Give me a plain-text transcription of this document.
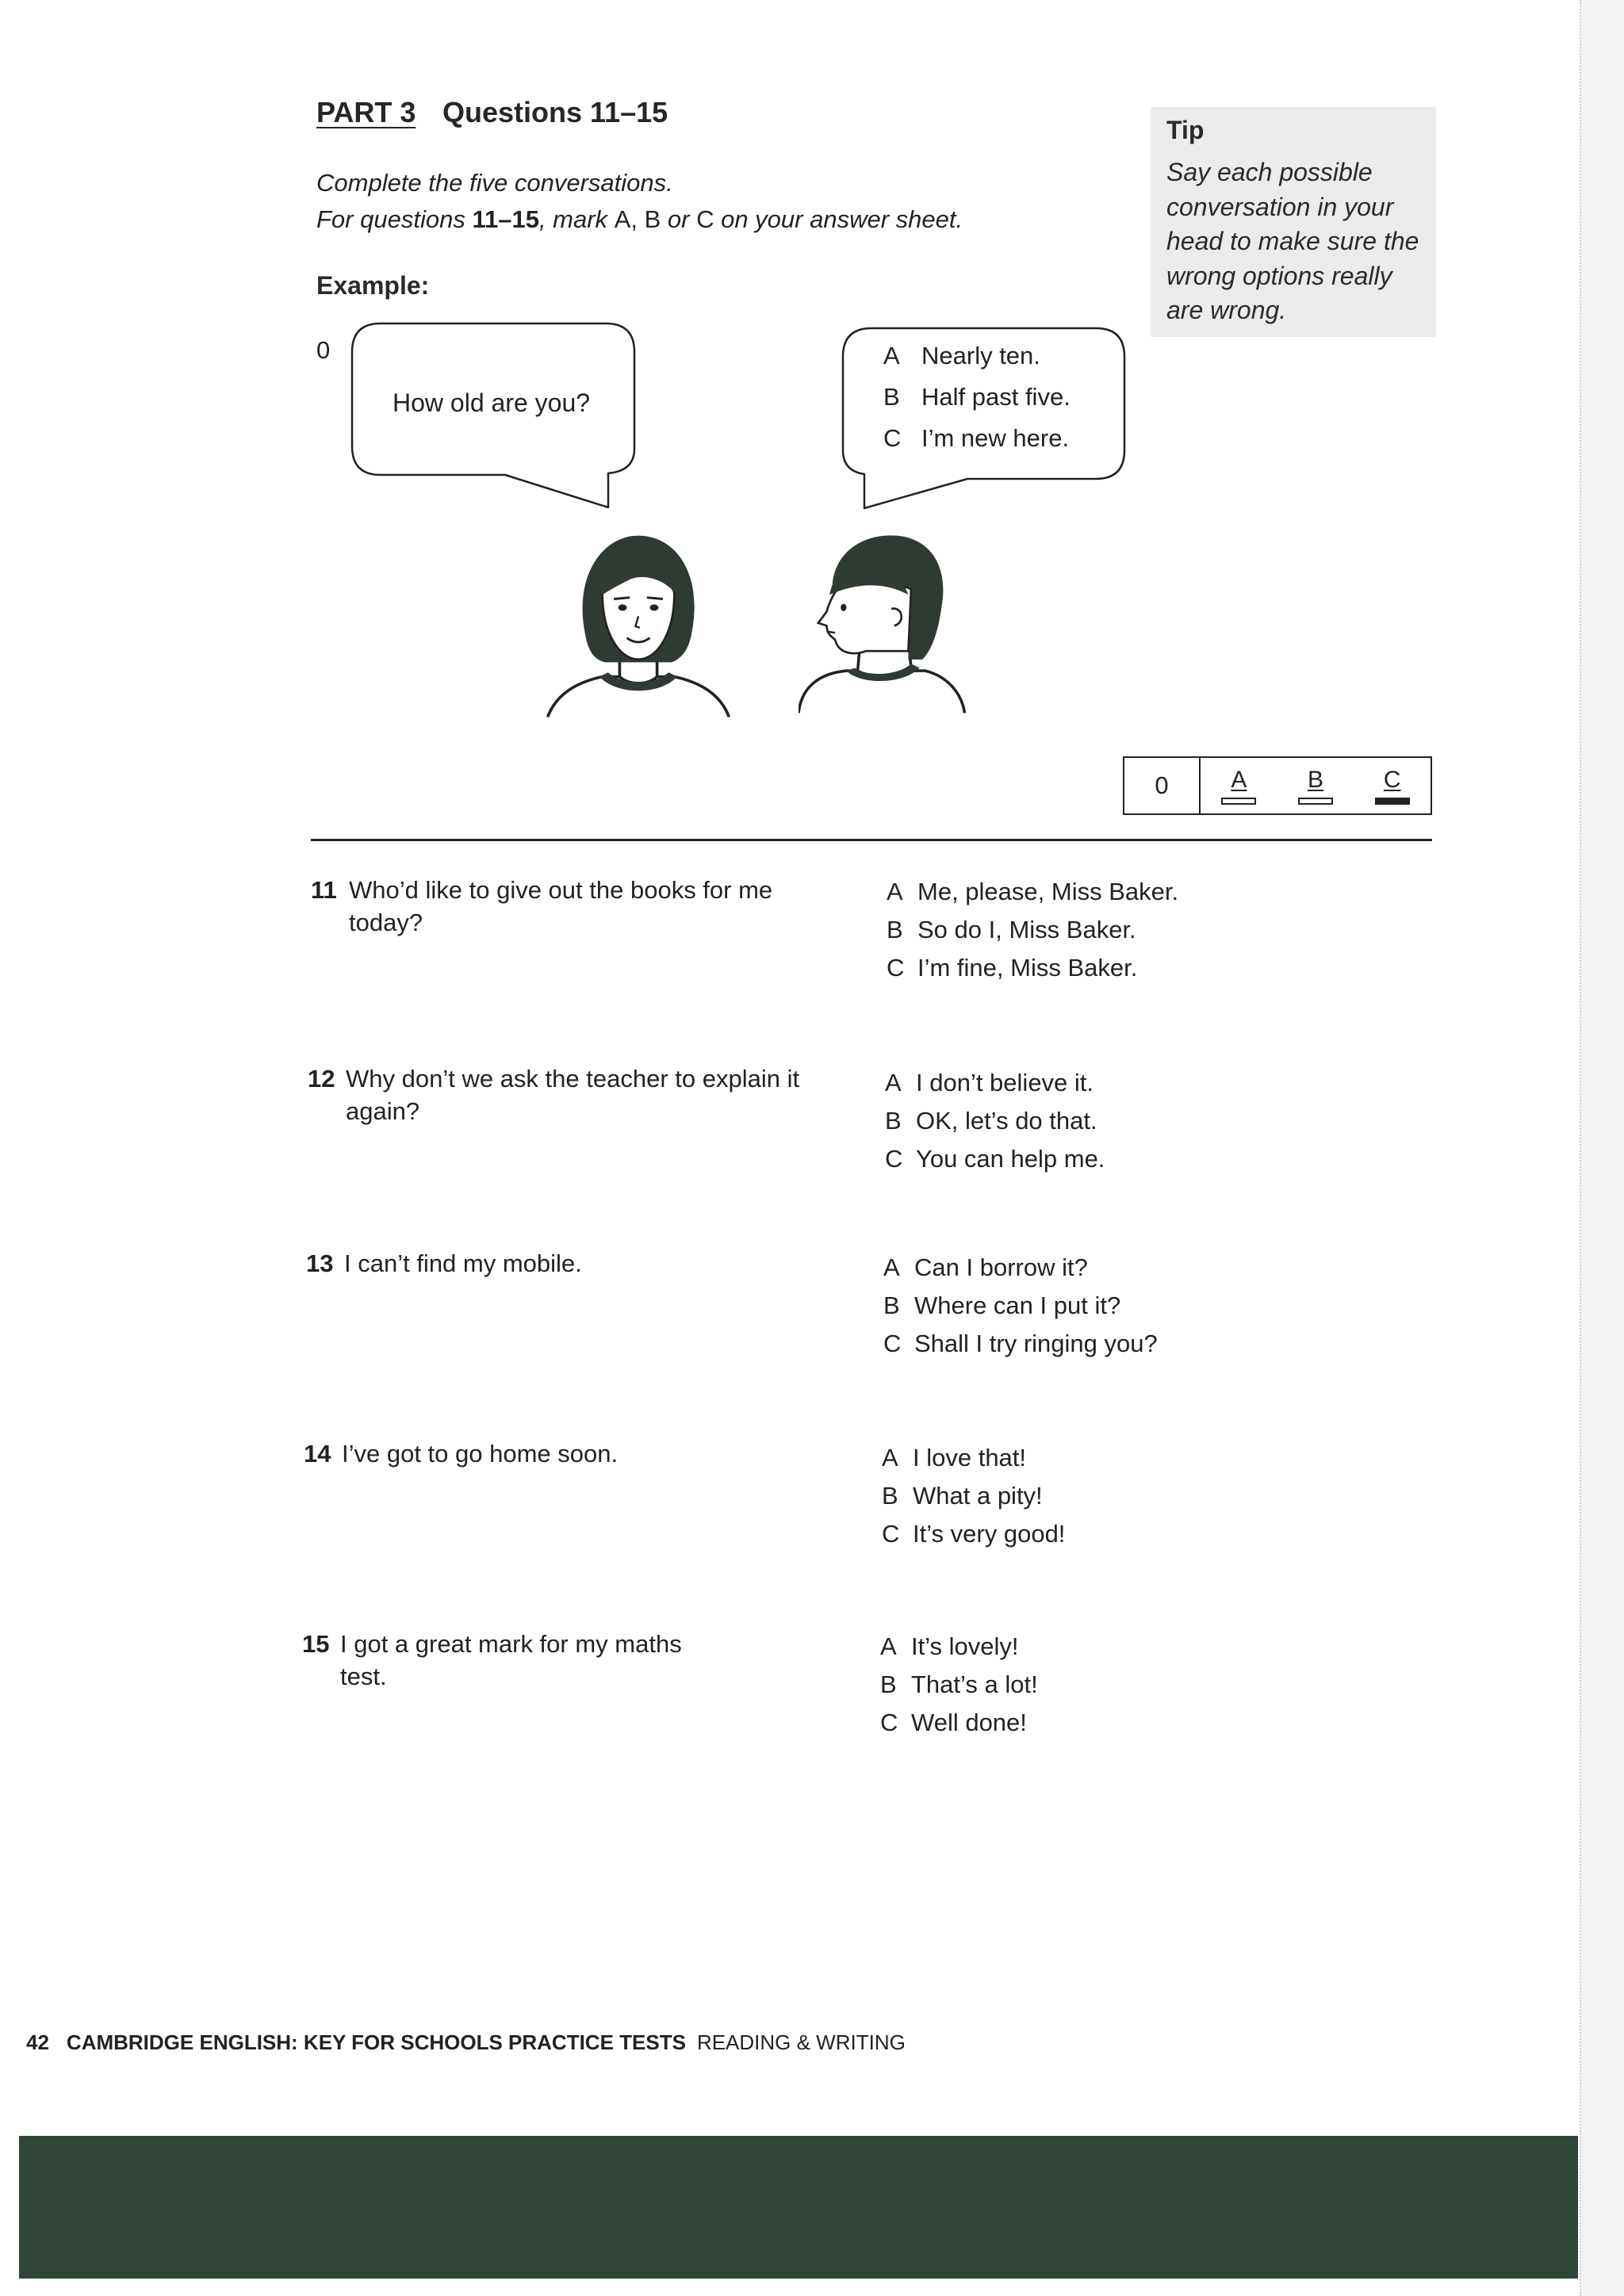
PART 3 Questions 11–15
Complete the five conversations.
For questions 11–15, mark A, B or C on your answer sheet.
Tip
Say each possible
conversation in your
head to make sure the
wrong options really
are wrong.
Example:
0
How old are you?
A Nearly ten.
B Half past five.
C I’m new here.
0	A	B	C
11 Who’d like to give out the books for me
today?
A Me, please, Miss Baker.
B So do I, Miss Baker.
C I’m fine, Miss Baker.
12 Why don’t we ask the teacher to explain it
again?
A I don’t believe it.
B OK, let’s do that.
C You can help me.
13 I can’t find my mobile.	A Can I borrow it?
B Where can I put it?
C Shall I try ringing you?
14 I’ve got to go home soon.	A I love that!
B What a pity!
C It’s very good!
15 I got a great mark for my maths
test.
A It’s lovely!
B That’s a lot!
C Well done!
42 CAMBRIDGE ENGLISH: KEY FOR SCHOOLS PRACTICE TESTS READING & WRITING
